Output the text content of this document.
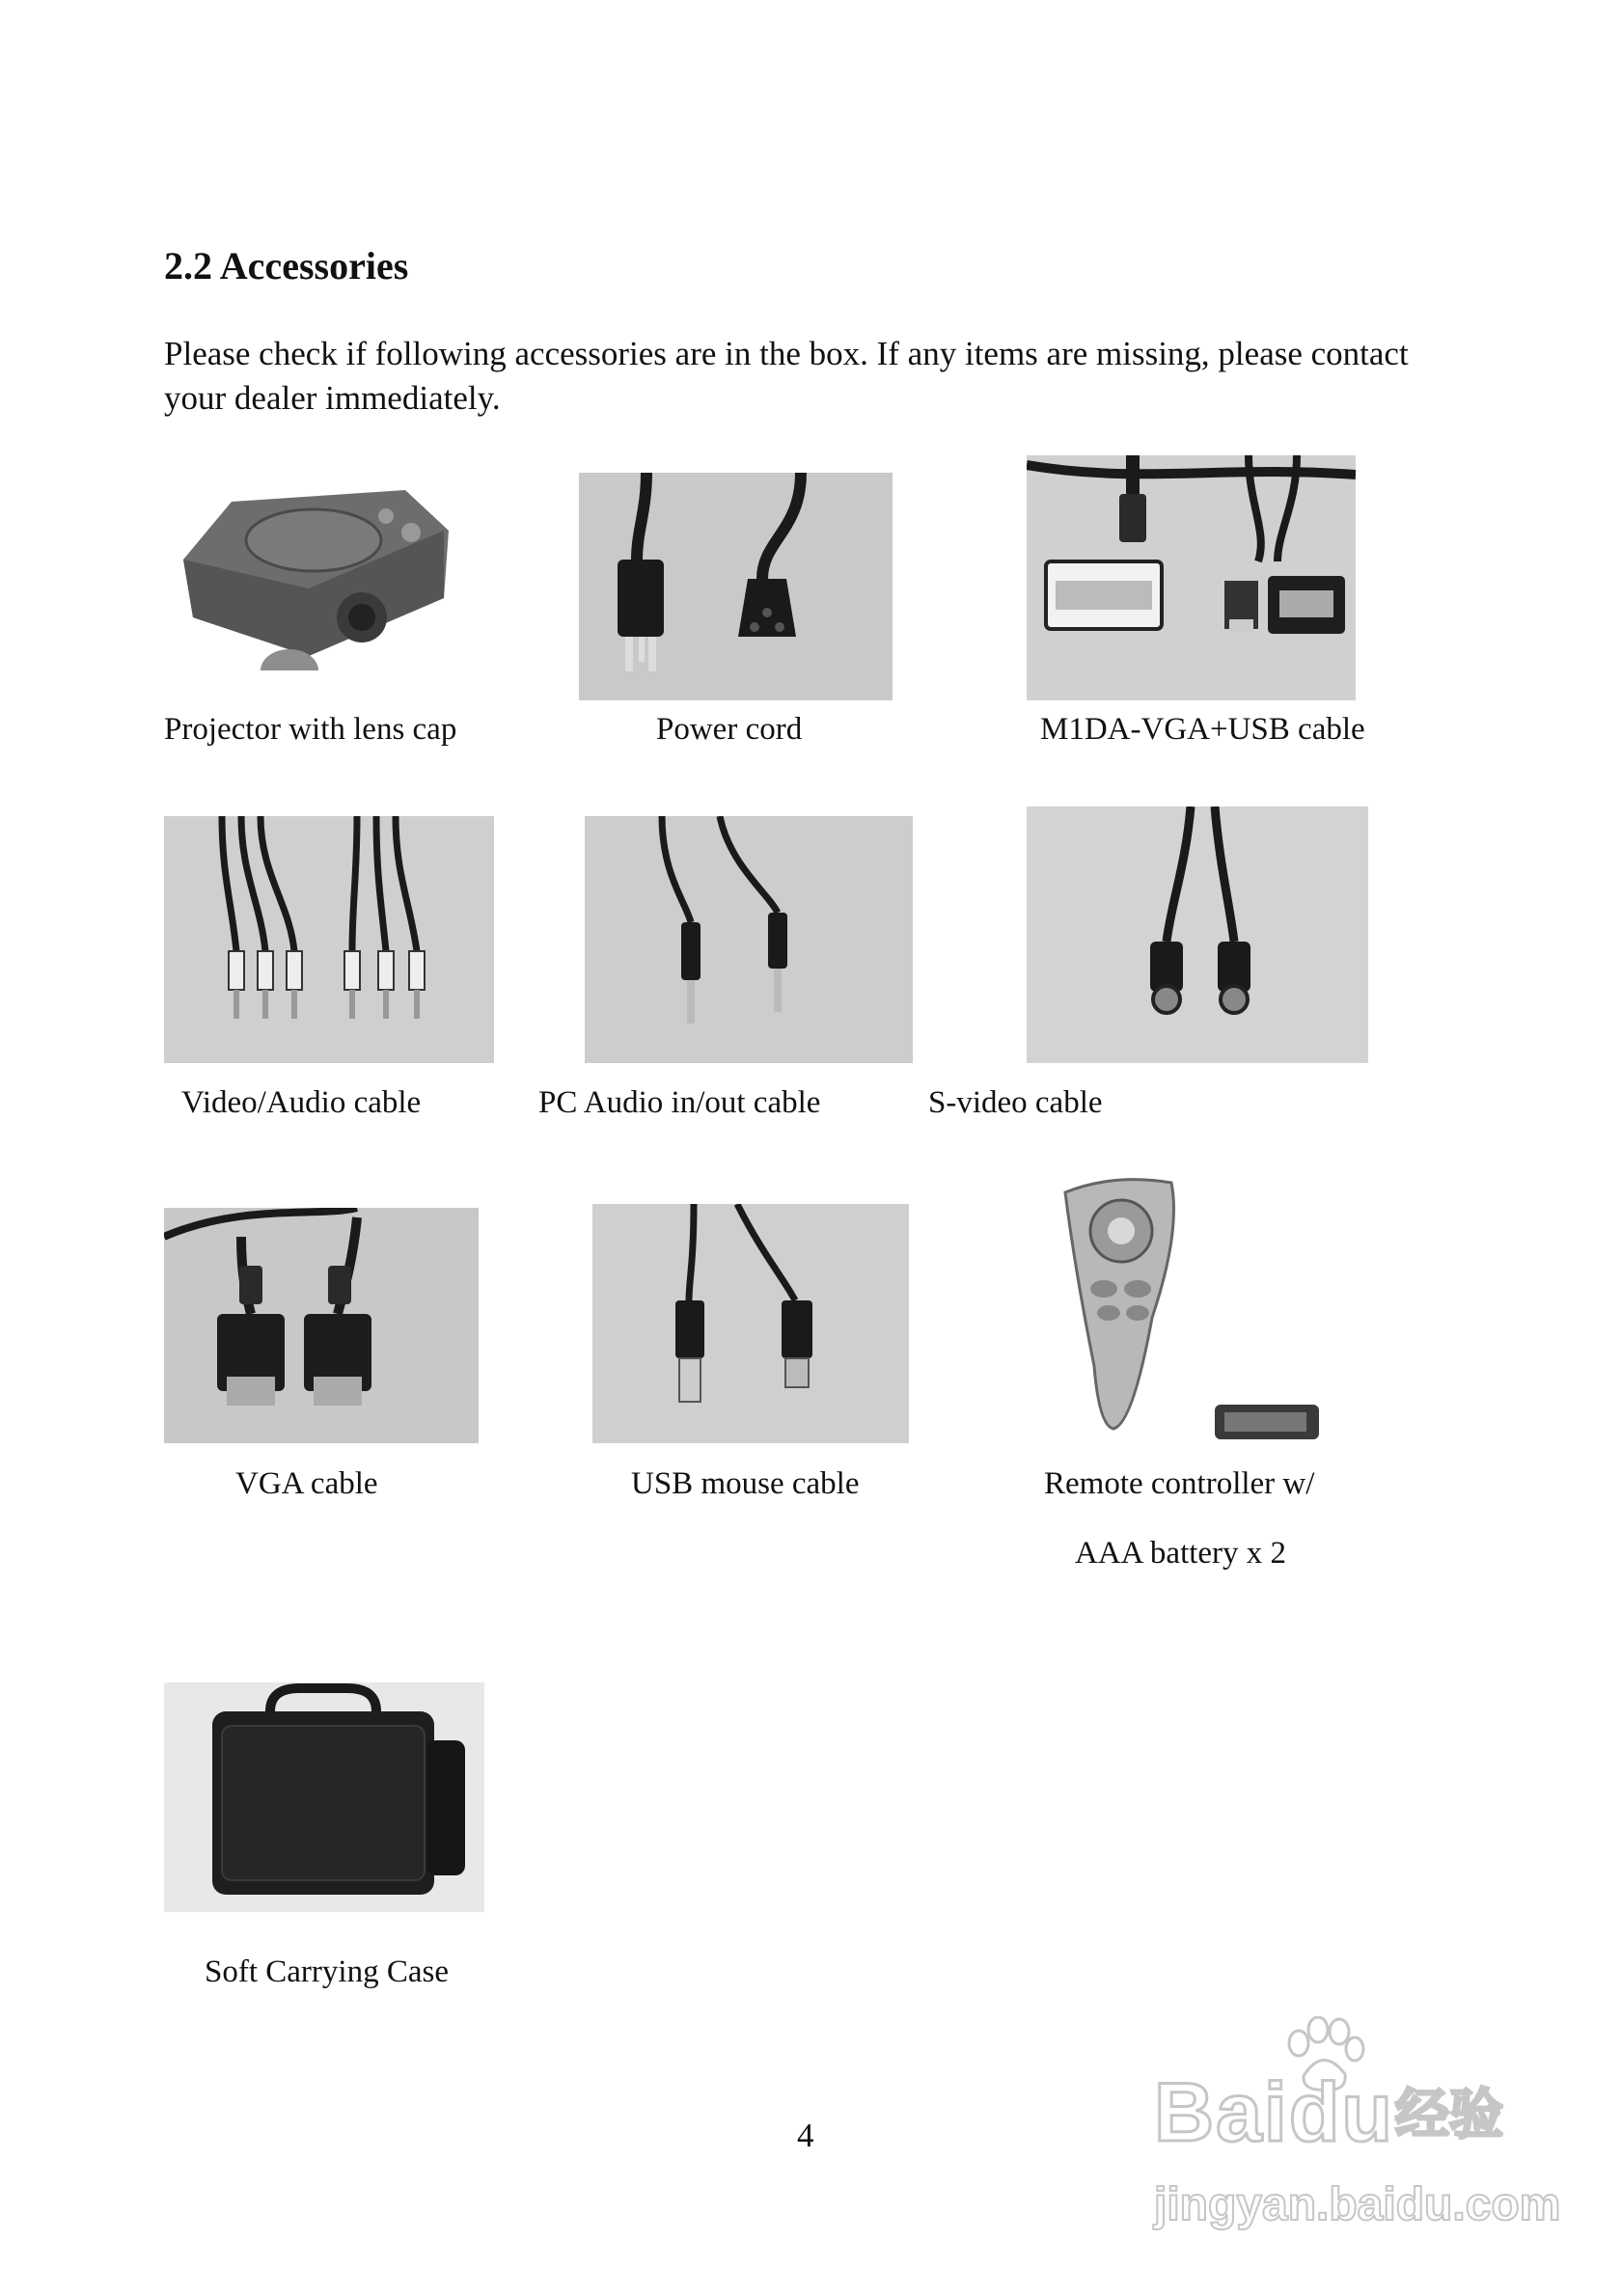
2.2 Accessories
Please check if following accessories are in the box. If any items are missing, please contact your dealer immediately.
Projector with lens cap	Power cord	M1DA-VGA+USB cable
Video/Audio cable	PC Audio in/out cable	S-video cable
VGA cable	USB mouse cable	Remote controller w/
AAA battery x 2
Soft Carrying Case
4	Baidu 经验
jingyan.baidu.com
